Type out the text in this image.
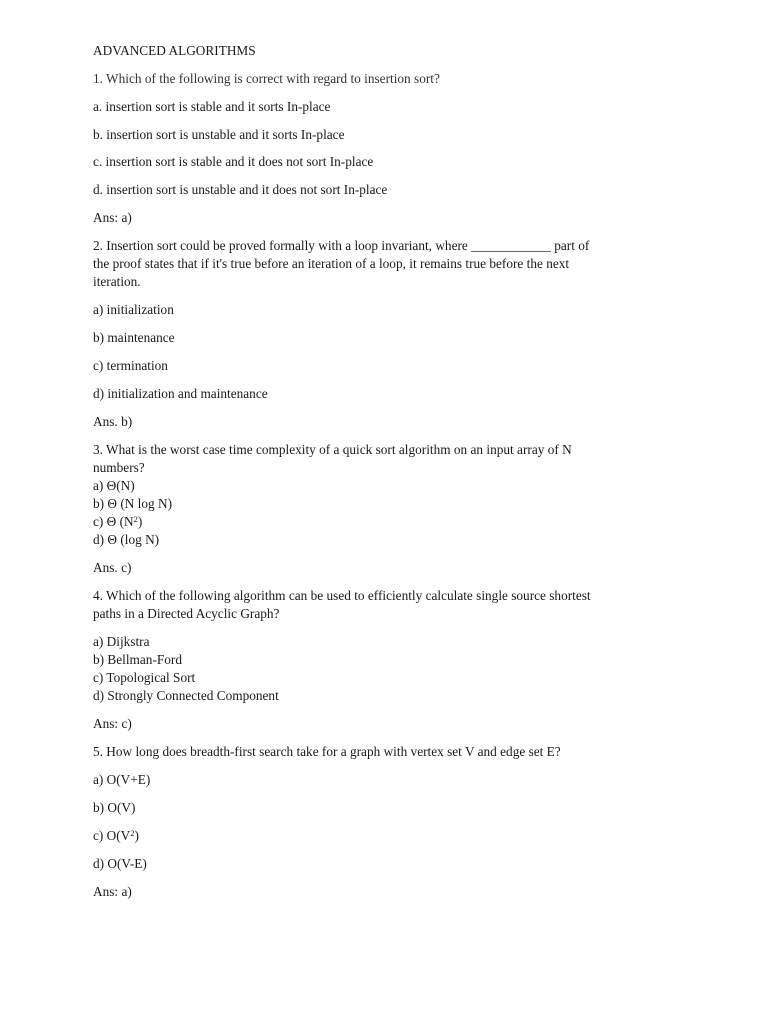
ADVANCED ALGORITHMS
1. Which of the following is correct with regard to insertion sort?
a. insertion sort is stable and it sorts In-place
b. insertion sort is unstable and it sorts In-place
c. insertion sort is stable and it does not sort In-place
d. insertion sort is unstable and it does not sort In-place
Ans: a)
2. Insertion sort could be proved formally with a loop invariant, where ____________ part of
the proof states that if it's true before an iteration of a loop, it remains true before the next
iteration.
a) initialization
b) maintenance
c) termination
d) initialization and maintenance
Ans. b)
3. What is the worst case time complexity of a quick sort algorithm on an input array of N
numbers?
a) Θ(N)
b) Θ (N log N)
c) Θ $(N^2)$
d) Θ (log N)
Ans. c)
4. Which of the following algorithm can be used to efficiently calculate single source shortest
paths in a Directed Acyclic Graph?
a) Dijkstra
b) Bellman-Ford
c) Topological Sort
d) Strongly Connected Component
Ans: c)
5. How long does breadth-first search take for a graph with vertex set V and edge set E?
a) O(V+E)
b) O(V)
c) $O(V^2)$
d) O(V-E)
Ans: a)
